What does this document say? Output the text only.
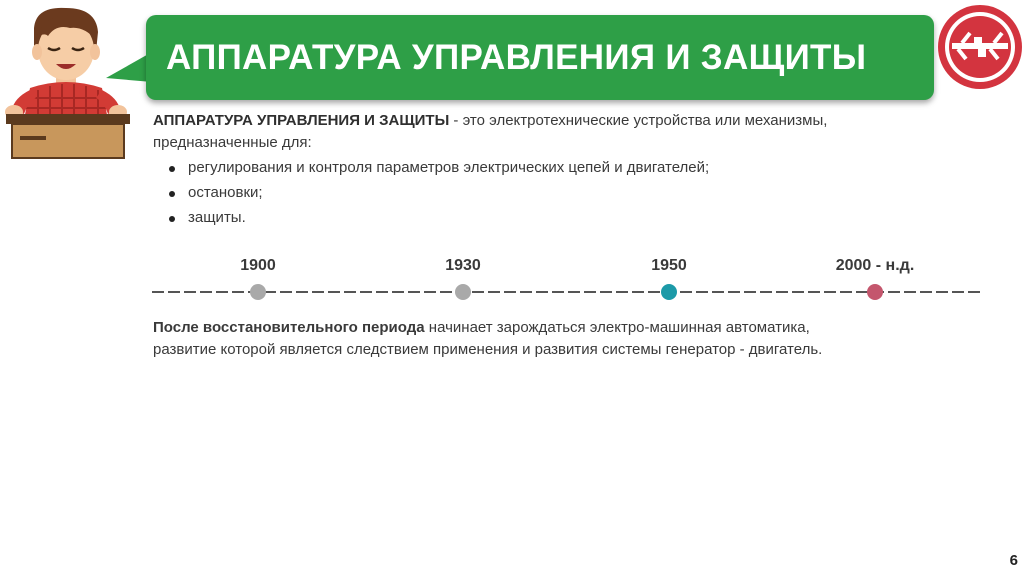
АППАРАТУРА УПРАВЛЕНИЯ И ЗАЩИТЫ
АППАРАТУРА УПРАВЛЕНИЯ И ЗАЩИТЫ - это электротехнические устройства или механизмы, предназначенные для:
регулирования и контроля параметров электрических цепей и двигателей;
остановки;
защиты.
1900	1930	1950	2000 - н.д.
После восстановительного периода начинает зарождаться электро-машинная автоматика, развитие которой является следствием применения и развития системы генератор - двигатель.
6
